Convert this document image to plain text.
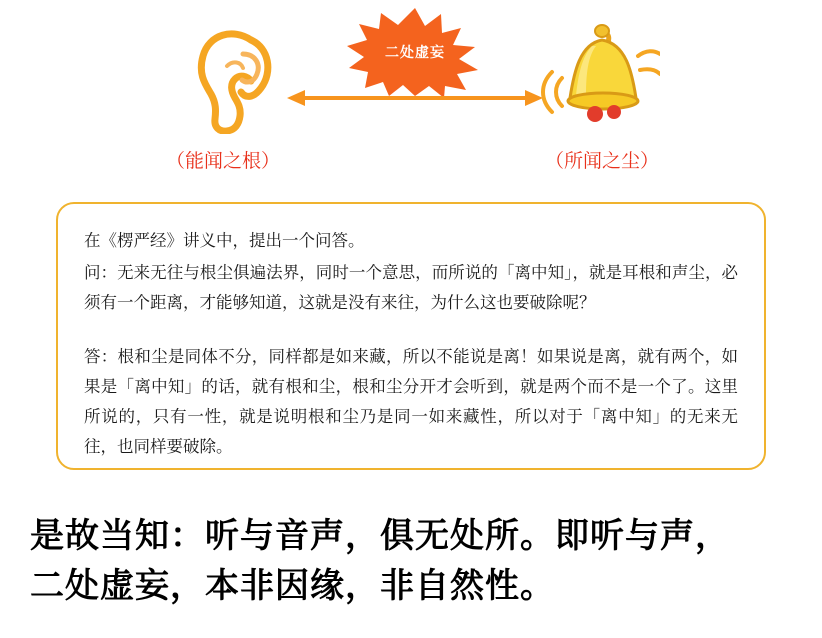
二处虚妄
（能闻之根）	（所闻之尘）

在《楞严经》讲义中，提出一个问答。

问：无来无往与根尘俱遍法界，同时一个意思，而所说的「离中知」，就是耳根和声尘，必须有一个距离，才能够知道，这就是没有来往，为什么这也要破除呢？

答：根和尘是同体不分，同样都是如来藏，所以不能说是离！如果说是离，就有两个，如果是「离中知」的话，就有根和尘，根和尘分开才会听到，就是两个而不是一个了。这里所说的，只有一性，就是说明根和尘乃是同一如来藏性，所以对于「离中知」的无来无往，也同样要破除。

是故当知：听与音声，俱无处所。即听与声，
二处虚妄，本非因缘，非自然性。
